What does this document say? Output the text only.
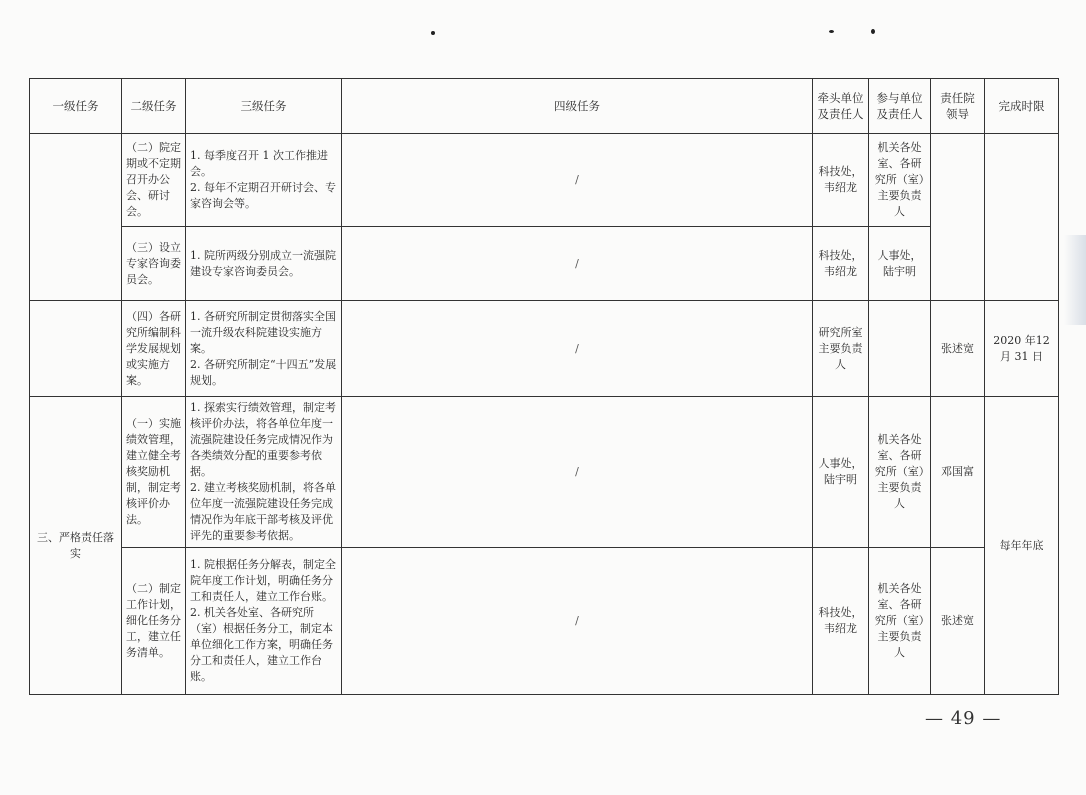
一级任务	二级任务	三级任务	四级任务	牵头单位及责任人	参与单位及责任人	责任院领导	完成时限
	（二）院定期或不定期召开办公会、研讨会。	1. 每季度召开 1 次工作推进会。
2. 每年不定期召开研讨会、专家咨询会等。	/	科技处，韦绍龙	机关各处室、各研究所（室）主要负责人		
	（三）设立专家咨询委员会。	1. 院所两级分别成立一流强院建设专家咨询委员会。	/	科技处，韦绍龙	人事处，陆宇明		
	（四）各研究所编制科学发展规划或实施方案。	1. 各研究所制定贯彻落实全国一流升级农科院建设实施方案。
2. 各研究所制定“十四五”发展规划。	/	研究所室主要负责人		张述宽	2020 年12 月 31 日
三、严格责任落实	（一）实施绩效管理，建立健全考核奖励机制，制定考核评价办法。	1. 探索实行绩效管理，制定考核评价办法，将各单位年度一流强院建设任务完成情况作为各类绩效分配的重要参考依据。
2. 建立考核奖励机制，将各单位年度一流强院建设任务完成情况作为年底干部考核及评优评先的重要参考依据。	/	人事处，陆宇明	机关各处室、各研究所（室）主要负责人	邓国富	每年年底
	（二）制定工作计划，细化任务分工，建立任务清单。	1. 院根据任务分解表，制定全院年度工作计划，明确任务分工和责任人，建立工作台账。
2. 机关各处室、各研究所（室）根据任务分工，制定本单位细化工作方案，明确任务分工和责任人，建立工作台账。	/	科技处，韦绍龙	机关各处室、各研究所（室）主要负责人	张述宽	
— 49 —
